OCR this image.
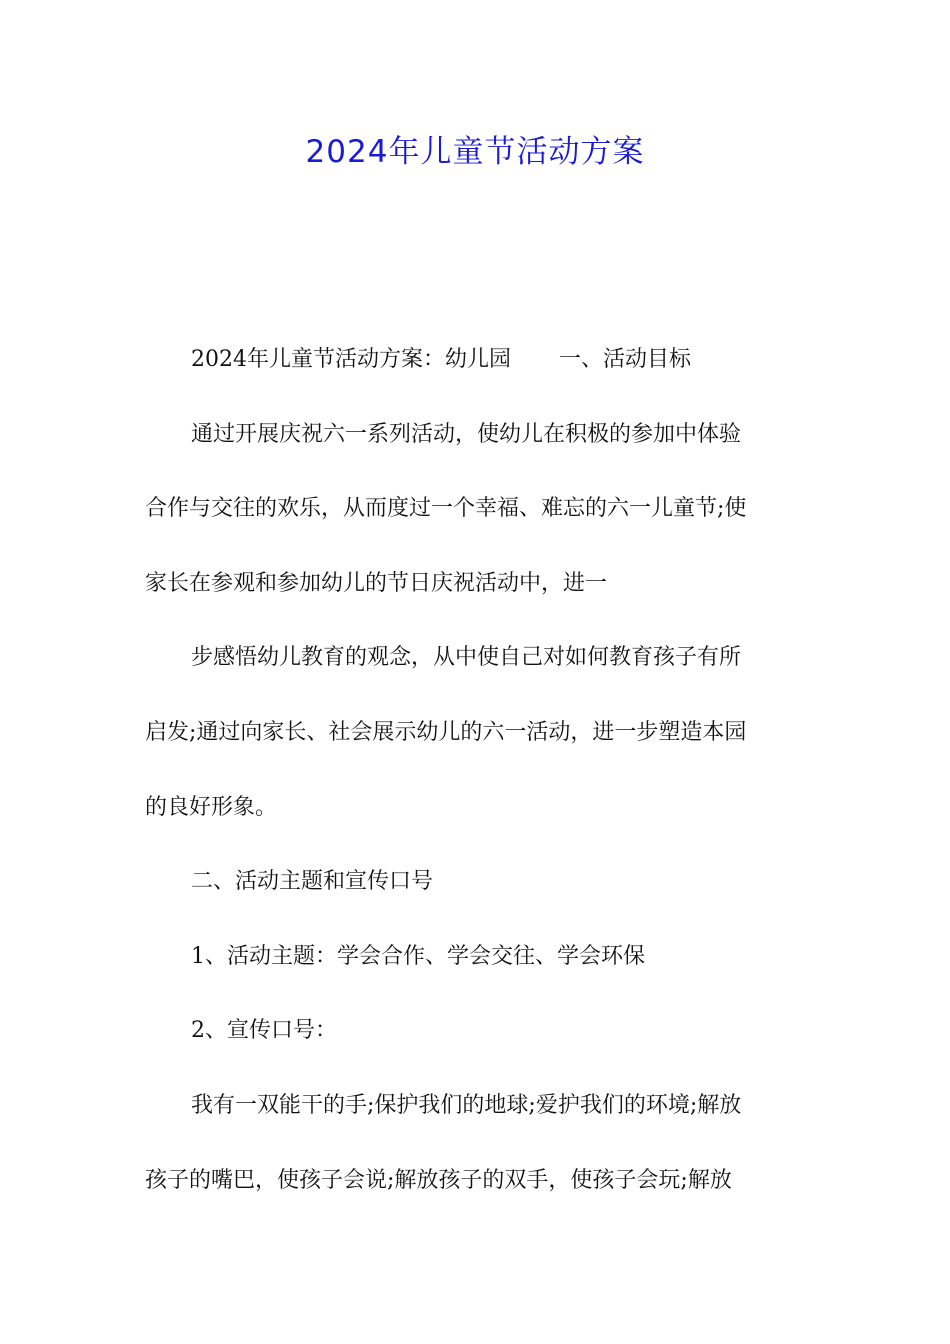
2024年儿童节活动方案
2024年儿童节活动方案：幼儿园 一、活动目标
通过开展庆祝六一系列活动，使幼儿在积极的参加中体验
合作与交往的欢乐，从而度过一个幸福、难忘的六一儿童节;使
家长在参观和参加幼儿的节日庆祝活动中，进一
步感悟幼儿教育的观念，从中使自己对如何教育孩子有所
启发;通过向家长、社会展示幼儿的六一活动，进一步塑造本园
的良好形象。
二、活动主题和宣传口号
1、活动主题：学会合作、学会交往、学会环保
2、宣传口号：
我有一双能干的手;保护我们的地球;爱护我们的环境;解放
孩子的嘴巴，使孩子会说;解放孩子的双手，使孩子会玩;解放
